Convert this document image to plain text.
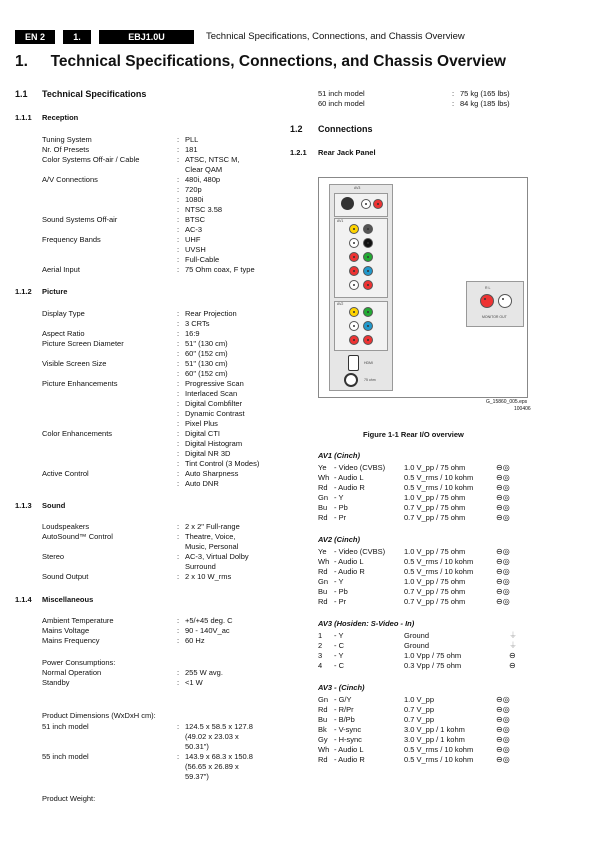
EN 2	1.	EBJ1.0U	Technical Specifications, Connections, and Chassis Overview
1. Technical Specifications, Connections, and Chassis Overview
1.1 Technical Specifications
1.1.1 Reception
Tuning System	: PLL
Nr. Of Presets	: 181
Color Systems Off-air / Cable	: ATSC, NTSC M,
Clear QAM
A/V Connections	: 480i, 480p
: 720p
: 1080i
: NTSC 3.58
Sound Systems Off-air	: BTSC
: AC-3
Frequency Bands	: UHF
: UVSH
: Full-Cable
Aerial Input	: 75 Ohm coax, F type
1.1.2 Picture
Display Type	: Rear Projection
: 3 CRTs
Aspect Ratio	: 16:9
Picture Screen Diameter	: 51" (130 cm)
: 60" (152 cm)
Visible Screen Size	: 51" (130 cm)
: 60" (152 cm)
Picture Enhancements	: Progressive Scan
: Interlaced Scan
: Digital Combfilter
: Dynamic Contrast
: Pixel Plus
Color Enhancements	: Digital CTI
: Digital Histogram
: Digital NR 3D
: Tint Control (3 Modes)
Active Control	: Auto Sharpness
: Auto DNR
1.1.3 Sound
Loudspeakers	: 2 x 2" Full-range
AutoSound™ Control	: Theatre, Voice,
Music, Personal
Stereo	: AC-3, Virtual Dolby
Surround
Sound Output	: 2 x 10 W_rms
1.1.4 Miscellaneous
Ambient Temperature	: +5/+45 deg. C
Mains Voltage	: 90 - 140V_ac
Mains Frequency	: 60 Hz
Power Consumptions:
Normal Operation	: 255 W avg.
Standby	: <1 W
Product Dimensions (WxDxH cm):
51 inch model	: 124.5 x 58.5 x 127.8
(49.02 x 23.03 x
50.31")
55 inch model	: 143.9 x 68.3 x 150.8
(56.65 x 26.89 x
59.37")
Product Weight:
51 inch model	: 75 kg (165 lbs)
60 inch model	: 84 kg (185 lbs)
1.2 Connections
1.2.1 Rear Jack Panel
AV3
AV1
AV2
HDMI
75 ohm
R L
MONITOR OUT
G_15860_005.eps
100406
Figure 1-1 Rear I/O overview
AV1 (Cinch)
Ye - Video (CVBS)	1.0 V_pp / 75 ohm	⊖◎
Wh - Audio L	0.5 V_rms / 10 kohm	⊖◎
Rd - Audio R	0.5 V_rms / 10 kohm	⊖◎
Gn - Y	1.0 V_pp / 75 ohm	⊖◎
Bu - Pb	0.7 V_pp / 75 ohm	⊖◎
Rd - Pr	0.7 V_pp / 75 ohm	⊖◎
AV2 (Cinch)
Ye - Video (CVBS)	1.0 V_pp / 75 ohm	⊖◎
Wh - Audio L	0.5 V_rms / 10 kohm	⊖◎
Rd - Audio R	0.5 V_rms / 10 kohm	⊖◎
Gn - Y	1.0 V_pp / 75 ohm	⊖◎
Bu - Pb	0.7 V_pp / 75 ohm	⊖◎
Rd - Pr	0.7 V_pp / 75 ohm	⊖◎
AV3 (Hosiden: S-Video - In)
1 - Y	Ground	⏚
2 - C	Ground	⏚
3 - Y	1.0 Vpp / 75 ohm	⊖
4 - C	0.3 Vpp / 75 ohm	⊖
AV3 - (Cinch)
Gn - G/Y	1.0 V_pp	⊖◎
Rd - R/Pr	0.7 V_pp	⊖◎
Bu - B/Pb	0.7 V_pp	⊖◎
Bk - V-sync	3.0 V_pp / 1 kohm	⊖◎
Gy - H-sync	3.0 V_pp / 1 kohm	⊖◎
Wh - Audio L	0.5 V_rms / 10 kohm	⊖◎
Rd - Audio R	0.5 V_rms / 10 kohm	⊖◎
